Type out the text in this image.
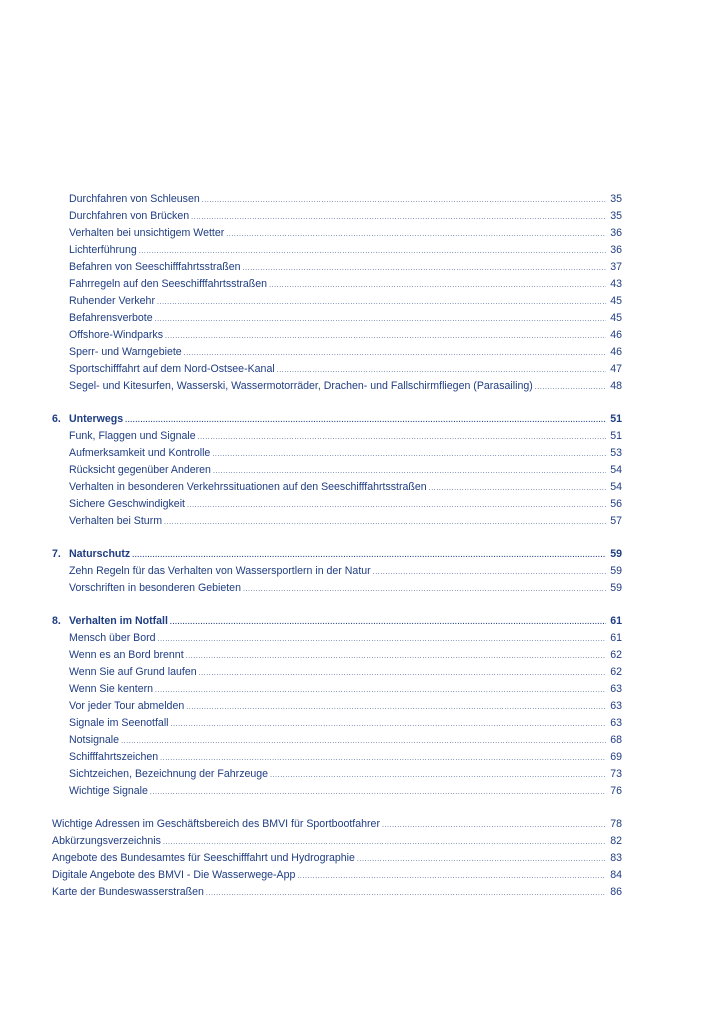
Durchfahren von Schleusen .....	35
Durchfahren von Brücken .....	35
Verhalten bei unsichtigem Wetter .....	36
Lichterführung .....	36
Befahren von Seeschifffahrtsstraßen .....	37
Fahrregeln auf den Seeschifffahrtsstraßen .....	43
Ruhender Verkehr .....	45
Befahrensverbote .....	45
Offshore-Windparks .....	46
Sperr- und Warngebiete .....	46
Sportschifffahrt auf dem Nord-Ostsee-Kanal .....	47
Segel- und Kitesurfen, Wasserski, Wassermotorräder, Drachen- und Fallschirmfliegen (Parasailing) .....	48
6. Unterwegs .....	51
Funk, Flaggen und Signale .....	51
Aufmerksamkeit und Kontrolle .....	53
Rücksicht gegenüber Anderen .....	54
Verhalten in besonderen Verkehrssituationen auf den Seeschifffahrtsstraßen .....	54
Sichere Geschwindigkeit .....	56
Verhalten bei Sturm .....	57
7. Naturschutz .....	59
Zehn Regeln für das Verhalten von Wassersportlern in der Natur .....	59
Vorschriften in besonderen Gebieten .....	59
8. Verhalten im Notfall .....	61
Mensch über Bord .....	61
Wenn es an Bord brennt .....	62
Wenn Sie auf Grund laufen .....	62
Wenn Sie kentern .....	63
Vor jeder Tour abmelden .....	63
Signale im Seenotfall .....	63
Notsignale .....	68
Schifffahrtszeichen .....	69
Sichtzeichen, Bezeichnung der Fahrzeuge .....	73
Wichtige Signale .....	76
Wichtige Adressen im Geschäftsbereich des BMVI für Sportbootfahrer .....	78
Abkürzungsverzeichnis .....	82
Angebote des Bundesamtes für Seeschifffahrt und Hydrographie .....	83
Digitale Angebote des BMVI - Die Wasserwege-App .....	84
Karte der Bundeswasserstraßen .....	86
